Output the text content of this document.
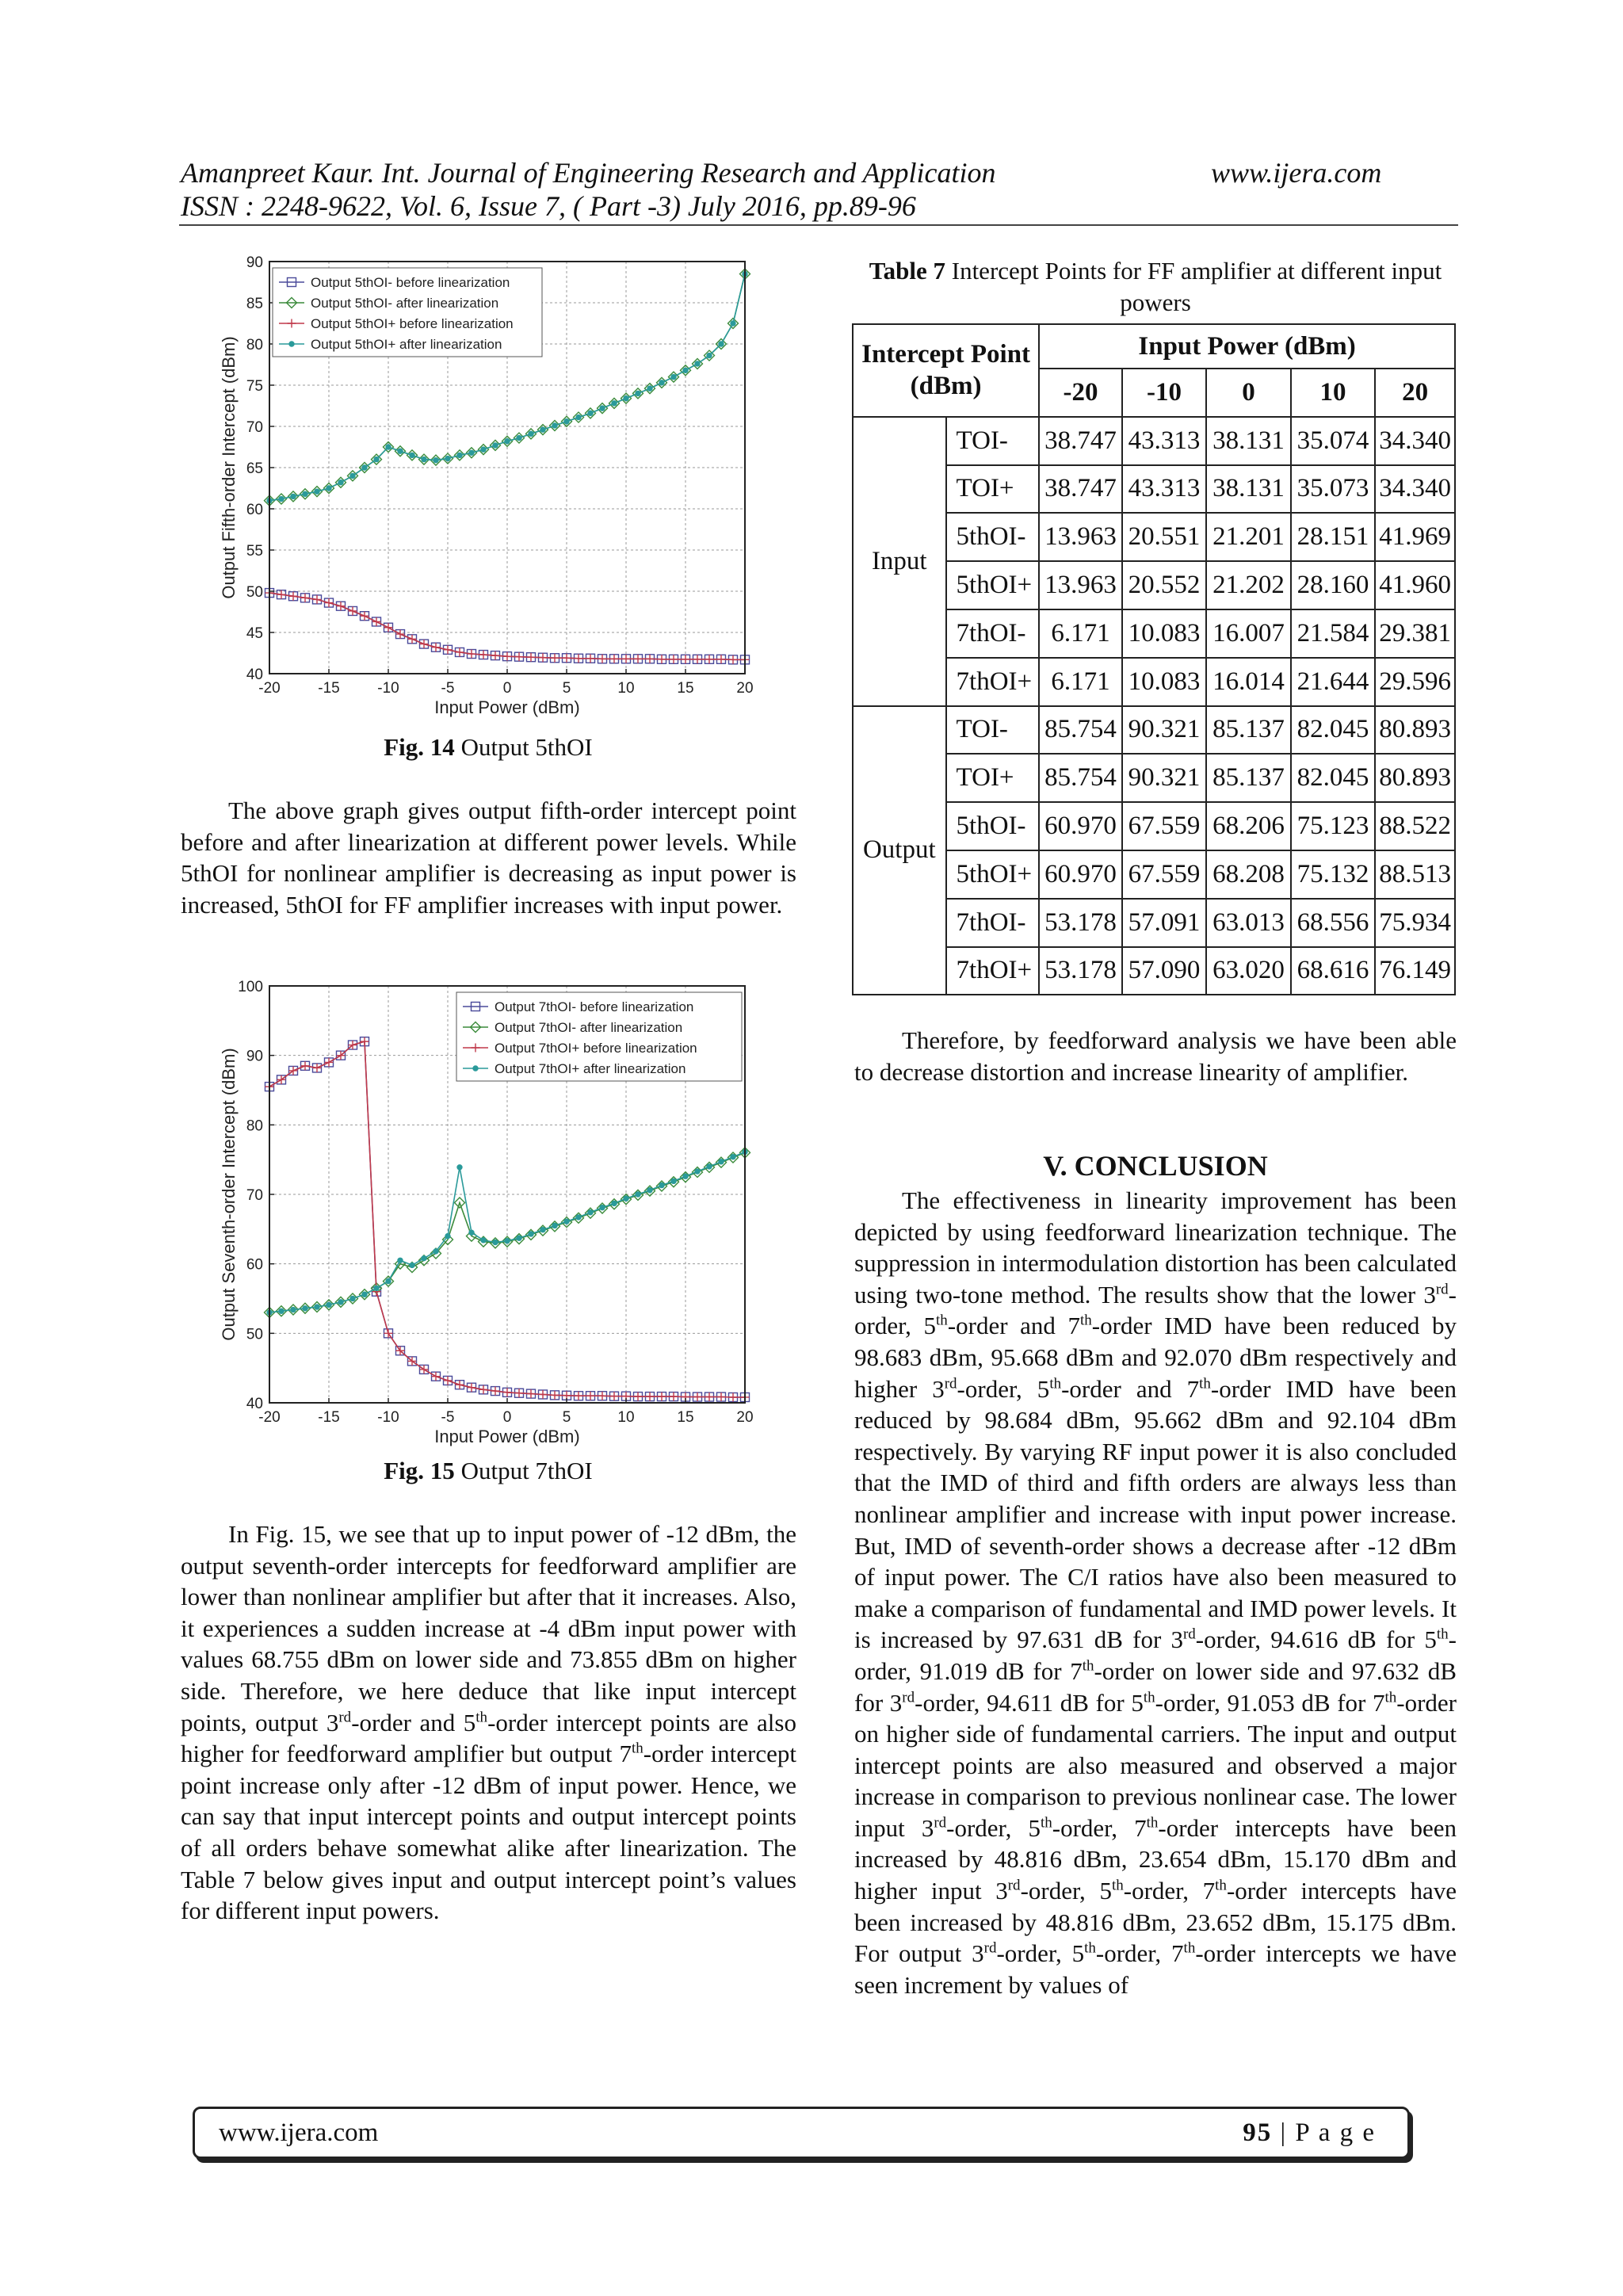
Amanpreet Kaur. Int. Journal of Engineering Research and Application	www.ijera.com
ISSN : 2248-9622, Vol. 6, Issue 7, ( Part -3) July 2016, pp.89-96
-20	-15	-10	-5	0	5	10	15	20
40
45
50
55
60
65
70
75
80
85
90
Input Power (dBm)
Output Fifth-order Intercept (dBm)
Output 5thOI- before linearization
Output 5thOI- after linearization
Output 5thOI+ before linearization
Output 5thOI+ after linearization
Fig. 14 Output 5thOI

The above graph gives output fifth-order intercept point before and after linearization at different power levels. While 5thOI for nonlinear amplifier is decreasing as input power is increased, 5thOI for FF amplifier increases with input power.

-20	-15	-10	-5	0	5	10	15	20
40
50
60
70
80
90
100
Input Power (dBm)
Output Seventh-order Intercept (dBm)
Output 7thOI- before linearization
Output 7thOI- after linearization
Output 7thOI+ before linearization
Output 7thOI+ after linearization
Fig. 15 Output 7thOI

In Fig. 15, we see that up to input power of -12 dBm, the output seventh-order intercepts for feedforward amplifier are lower than nonlinear amplifier but after that it increases. Also, it experiences a sudden increase at -4 dBm input power with values 68.755 dBm on lower side and 73.855 dBm on higher side. Therefore, we here deduce that like input intercept points, output 3rd-order and 5th-order intercept points are also higher for feedforward amplifier but output 7th-order intercept point increase only after -12 dBm of input power. Hence, we can say that input intercept points and output intercept points of all orders behave somewhat alike after linearization. The Table 7 below gives input and output intercept point’s values for different input powers.

Table 7 Intercept Points for FF amplifier at different input powers
Intercept Point (dBm)		Input Power (dBm)				
		-20	-10	0	10	20
Input	TOI-	38.747	43.313	38.131	35.074	34.340
	TOI+	38.747	43.313	38.131	35.073	34.340
	5thOI-	13.963	20.551	21.201	28.151	41.969
	5thOI+	13.963	20.552	21.202	28.160	41.960
	7thOI-	6.171	10.083	16.007	21.584	29.381
	7thOI+	6.171	10.083	16.014	21.644	29.596
Output	TOI-	85.754	90.321	85.137	82.045	80.893
	TOI+	85.754	90.321	85.137	82.045	80.893
	5thOI-	60.970	67.559	68.206	75.123	88.522
	5thOI+	60.970	67.559	68.208	75.132	88.513
	7thOI-	53.178	57.091	63.013	68.556	75.934
	7thOI+	53.178	57.090	63.020	68.616	76.149

Therefore, by feedforward analysis we have been able to decrease distortion and increase linearity of amplifier.

V. CONCLUSION

The effectiveness in linearity improvement has been depicted by using feedforward linearization technique. The suppression in intermodulation distortion has been calculated using two-tone method. The results show that the lower 3rd-order, 5th-order and 7th-order IMD have been reduced by 98.683 dBm, 95.668 dBm and 92.070 dBm respectively and higher 3rd-order, 5th-order and 7th-order IMD have been reduced by 98.684 dBm, 95.662 dBm and 92.104 dBm respectively. By varying RF input power it is also concluded that the IMD of third and fifth orders are always less than nonlinear amplifier and increase with input power increase. But, IMD of seventh-order shows a decrease after -12 dBm of input power. The C/I ratios have also been measured to make a comparison of fundamental and IMD power levels. It is increased by 97.631 dB for 3rd-order, 94.616 dB for 5th-order, 91.019 dB for 7th-order on lower side and 97.632 dB for 3rd-order, 94.611 dB for 5th-order, 91.053 dB for 7th-order on higher side of fundamental carriers. The input and output intercept points are also measured and observed a major increase in comparison to previous nonlinear case. The lower input 3rd-order, 5th-order, 7th-order intercepts have been increased by 48.816 dBm, 23.654 dBm, 15.170 dBm and higher input 3rd-order, 5th-order, 7th-order intercepts have been increased by 48.816 dBm, 23.652 dBm, 15.175 dBm. For output 3rd-order, 5th-order, 7th-order intercepts we have seen increment by values of

www.ijera.com	95 | P a g e
